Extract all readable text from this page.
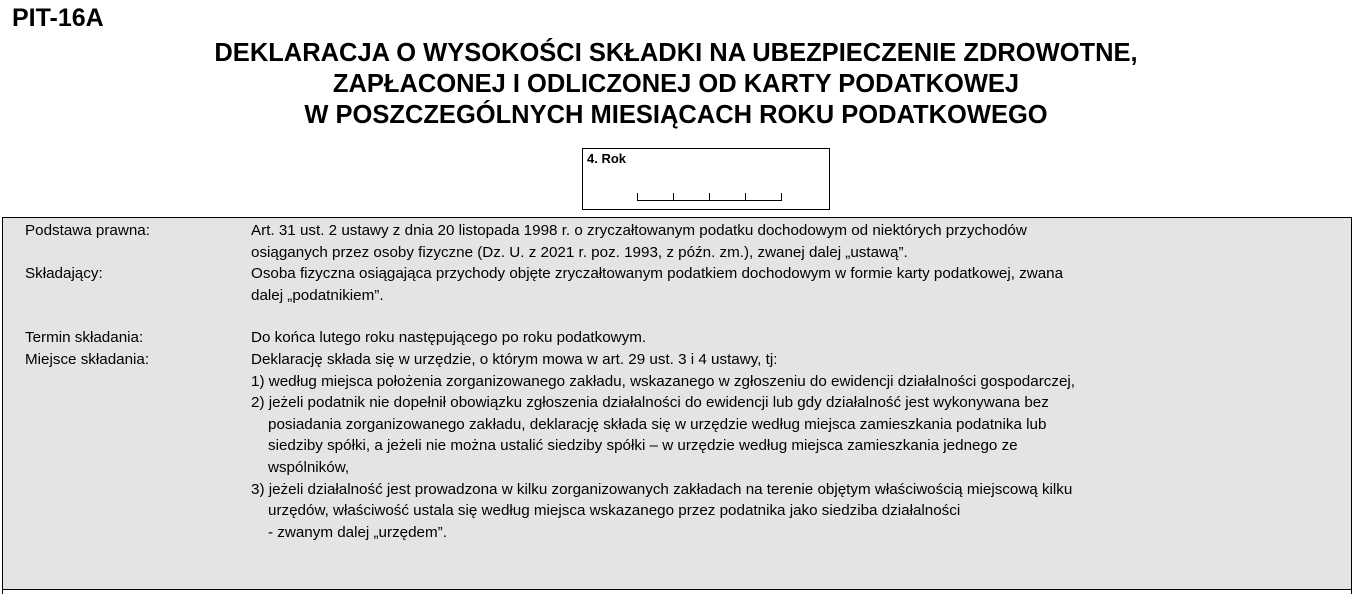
PIT-16A
DEKLARACJA O WYSOKOŚCI SKŁADKI NA UBEZPIECZENIE ZDROWOTNE,
ZAPŁACONEJ I ODLICZONEJ OD KARTY PODATKOWEJ
W POSZCZEGÓLNYCH MIESIĄCACH ROKU PODATKOWEGO
4. Rok
Podstawa prawna:	Art. 31 ust. 2 ustawy z dnia 20 listopada 1998 r. o zryczałtowanym podatku dochodowym od niektórych przychodów
osiąganych przez osoby fizyczne (Dz. U. z 2021 r. poz. 1993, z późn. zm.), zwanej dalej „ustawą”.
Składający:	Osoba fizyczna osiągająca przychody objęte zryczałtowanym podatkiem dochodowym w formie karty podatkowej, zwana
dalej „podatnikiem”.
Termin składania:	Do końca lutego roku następującego po roku podatkowym.
Miejsce składania:	Deklarację składa się w urzędzie, o którym mowa w art. 29 ust. 3 i 4 ustawy, tj:
1) według miejsca położenia zorganizowanego zakładu, wskazanego w zgłoszeniu do ewidencji działalności gospodarczej,
2) jeżeli podatnik nie dopełnił obowiązku zgłoszenia działalności do ewidencji lub gdy działalność jest wykonywana bez
posiadania zorganizowanego zakładu, deklarację składa się w urzędzie według miejsca zamieszkania podatnika lub
siedziby spółki, a jeżeli nie można ustalić siedziby spółki – w urzędzie według miejsca zamieszkania jednego ze
wspólników,
3) jeżeli działalność jest prowadzona w kilku zorganizowanych zakładach na terenie objętym właściwością miejscową kilku
urzędów, właściwość ustala się według miejsca wskazanego przez podatnika jako siedziba działalności
- zwanym dalej „urzędem”.
